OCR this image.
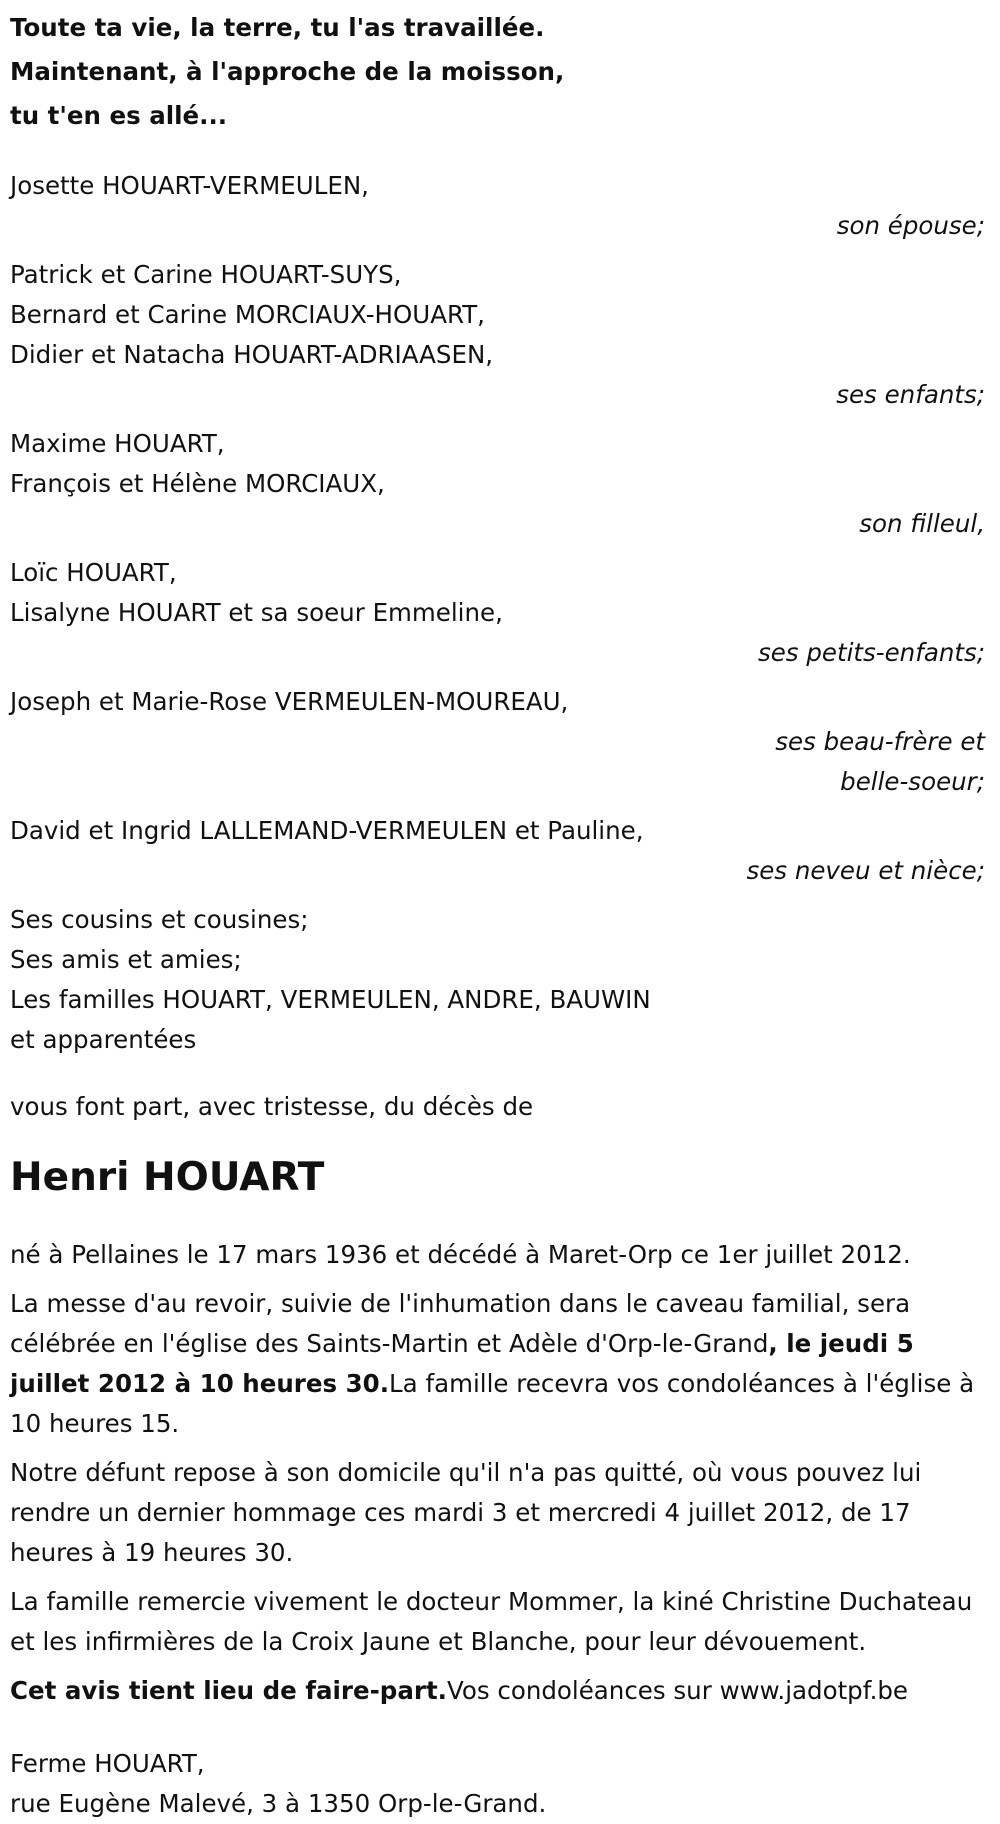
Toute ta vie, la terre, tu l'as travaillée.

Maintenant, à l'approche de la moisson,

tu t'en es allé...

Josette HOUART-VERMEULEN,
son épouse;
Patrick et Carine HOUART-SUYS,
Bernard et Carine MORCIAUX-HOUART,
Didier et Natacha HOUART-ADRIAASEN,
ses enfants;
Maxime HOUART,
François et Hélène MORCIAUX,
son filleul,
Loïc HOUART,
Lisalyne HOUART et sa soeur Emmeline,
ses petits-enfants;
Joseph et Marie-Rose VERMEULEN-MOUREAU,
ses beau-frère et
belle-soeur;
David et Ingrid LALLEMAND-VERMEULEN et Pauline,
ses neveu et nièce;
Ses cousins et cousines;
Ses amis et amies;
Les familles HOUART, VERMEULEN, ANDRE, BAUWIN
et apparentées

vous font part, avec tristesse, du décès de

Henri HOUART

né à Pellaines le 17 mars 1936 et décédé à Maret-Orp ce 1er juillet 2012.

La messe d'au revoir, suivie de l'inhumation dans le caveau familial, sera célébrée en l'église des Saints-Martin et Adèle d'Orp-le-Grand, le jeudi 5 juillet 2012 à 10 heures 30.La famille recevra vos condoléances à l'église à 10 heures 15.

Notre défunt repose à son domicile qu'il n'a pas quitté, où vous pouvez lui rendre un dernier hommage ces mardi 3 et mercredi 4 juillet 2012, de 17 heures à 19 heures 30.

La famille remercie vivement le docteur Mommer, la kiné Christine Duchateau et les infirmières de la Croix Jaune et Blanche, pour leur dévouement.

Cet avis tient lieu de faire-part.Vos condoléances sur www.jadotpf.be

Ferme HOUART,
rue Eugène Malevé, 3 à 1350 Orp-le-Grand.
